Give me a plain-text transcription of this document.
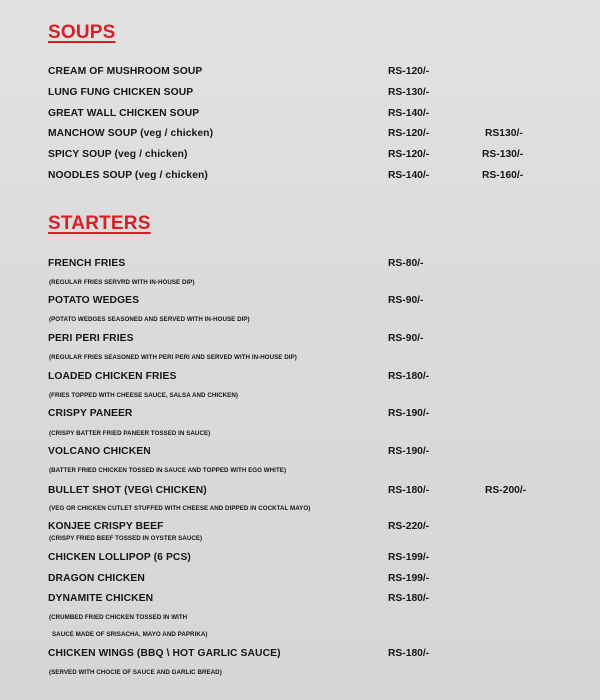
SOUPS
CREAM OF MUSHROOM SOUP	RS-120/-
LUNG FUNG CHICKEN SOUP	RS-130/-
GREAT WALL CHICKEN SOUP	RS-140/-
MANCHOW SOUP (veg / chicken)	RS-120/-	RS130/-
SPICY SOUP (veg / chicken)	RS-120/-	RS-130/-
NOODLES SOUP (veg / chicken)	RS-140/-	RS-160/-
STARTERS
FRENCH FRIES	RS-80/-
(REGULAR FRIES SERVRD WITH IN-HOUSE DIP)
POTATO WEDGES	RS-90/-
(POTATO WEDGES SEASONED AND SERVED WITH IN-HOUSE DIP)
PERI PERI FRIES	RS-90/-
(REGULAR FRIES SEASONED WITH PERI PERI AND SERVED WITH IN-HOUSE DIP)
LOADED CHICKEN FRIES	RS-180/-
(FRIES TOPPED WITH CHEESE SAUCE, SALSA AND CHICKEN)
CRISPY PANEER	RS-190/-
(CRISPY BATTER FRIED PANEER TOSSED IN SAUCE)
VOLCANO CHICKEN	RS-190/-
(BATTER FRIED CHICKEN TOSSED IN SAUCE AND TOPPED WITH EGG WHITE)
BULLET SHOT (VEG\ CHICKEN)	RS-180/-	RS-200/-
(VEG OR CHICKEN CUTLET STUFFED WITH CHEESE AND DIPPED IN COCKTAL MAYO)
KONJEE CRISPY BEEF	RS-220/-
(CRISPY FRIED BEEF TOSSED IN OYSTER SAUCE)
CHICKEN LOLLIPOP (6 PCS)	RS-199/-
DRAGON CHICKEN	RS-199/-
DYNAMITE CHICKEN	RS-180/-
(CRUMBED FRIED CHICKEN TOSSED IN WITH
SAUCE MADE OF SRISACHA, MAYO AND PAPRIKA)
CHICKEN WINGS (BBQ \ HOT GARLIC SAUCE)	RS-180/-
(SERVED WITH CHOCIE OF SAUCE AND GARLIC BREAD)
